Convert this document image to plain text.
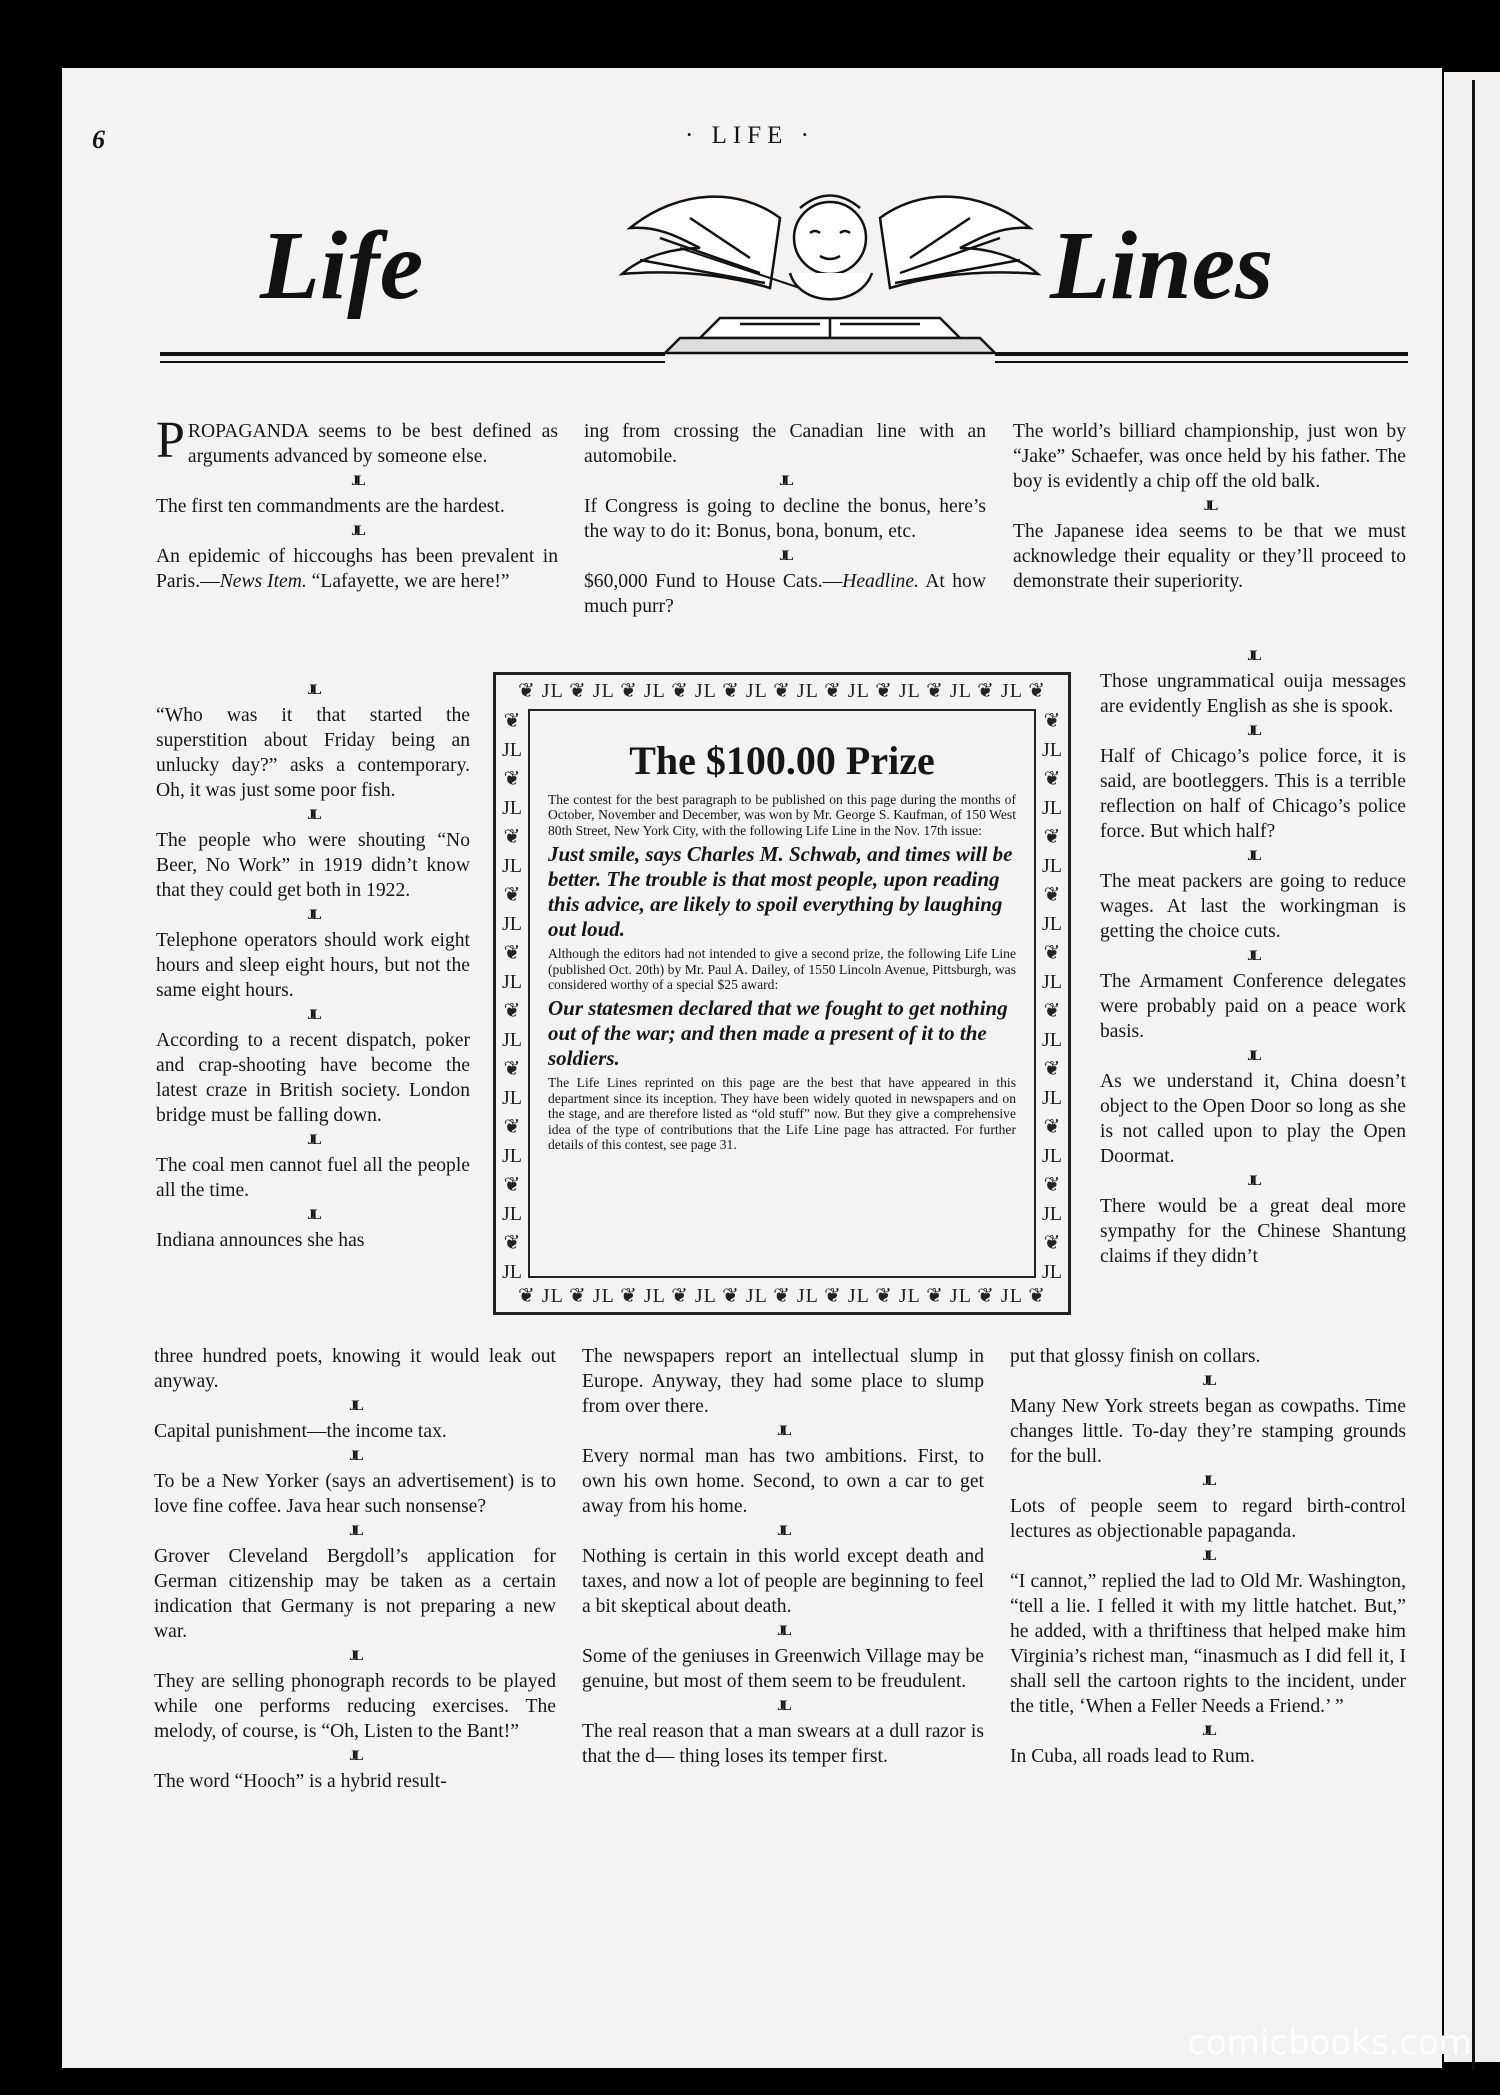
6	· LIFE ·
Life	Lines

PROPAGANDA seems to be best defined as arguments advanced by someone else.

JL

The first ten commandments are the hardest.

JL

An epidemic of hiccoughs has been prevalent in Paris.—News Item. “Lafayette, we are here!”

JL

“Who was it that started the superstition about Friday being an unlucky day?” asks a contemporary. Oh, it was just some poor fish.

JL

The people who were shouting “No Beer, No Work” in 1919 didn’t know that they could get both in 1922.

JL

Telephone operators should work eight hours and sleep eight hours, but not the same eight hours.

JL

According to a recent dispatch, poker and crap-shooting have become the latest craze in British society. London bridge must be falling down.

JL

The coal men cannot fuel all the people all the time.

JL

Indiana announces she has

three hundred poets, knowing it would leak out anyway.

JL

Capital punishment—the income tax.

JL

To be a New Yorker (says an advertisement) is to love fine coffee. Java hear such nonsense?

JL

Grover Cleveland Bergdoll’s application for German citizenship may be taken as a certain indication that Germany is not preparing a new war.

JL

They are selling phonograph records to be played while one performs reducing exercises. The melody, of course, is “Oh, Listen to the Bant!”

JL

The word “Hooch” is a hybrid result-

ing from crossing the Canadian line with an automobile.

JL

If Congress is going to decline the bonus, here’s the way to do it: Bonus, bona, bonum, etc.

JL

$60,000 Fund to House Cats.—Headline. At how much purr?

The newspapers report an intellectual slump in Europe. Anyway, they had some place to slump from over there.

JL

Every normal man has two ambitions. First, to own his own home. Second, to own a car to get away from his home.

JL

Nothing is certain in this world except death and taxes, and now a lot of people are beginning to feel a bit skeptical about death.

JL

Some of the geniuses in Greenwich Village may be genuine, but most of them seem to be freudulent.

JL

The real reason that a man swears at a dull razor is that the d— thing loses its temper first.

The world’s billiard championship, just won by “Jake” Schaefer, was once held by his father. The boy is evidently a chip off the old balk.

JL

The Japanese idea seems to be that we must acknowledge their equality or they’ll proceed to demonstrate their superiority.

JL

Those ungrammatical ouija messages are evidently English as she is spook.

JL

Half of Chicago’s police force, it is said, are bootleggers. This is a terrible reflection on half of Chicago’s police force. But which half?

JL

The meat packers are going to reduce wages. At last the workingman is getting the choice cuts.

JL

The Armament Conference delegates were probably paid on a peace work basis.

JL

As we understand it, China doesn’t object to the Open Door so long as she is not called upon to play the Open Doormat.

JL

There would be a great deal more sympathy for the Chinese Shantung claims if they didn’t

put that glossy finish on collars.

JL

Many New York streets began as cowpaths. Time changes little. To-day they’re stamping grounds for the bull.

JL

Lots of people seem to regard birth-control lectures as objectionable papaganda.

JL

“I cannot,” replied the lad to Old Mr. Washington, “tell a lie. I felled it with my little hatchet. But,” he added, with a thriftiness that helped make him Virginia’s richest man, “inasmuch as I did fell it, I shall sell the cartoon rights to the incident, under the title, ‘When a Feller Needs a Friend.’ ”

JL

In Cuba, all roads lead to Rum.

❦ JL ❦ JL ❦ JL ❦ JL ❦ JL ❦ JL ❦ JL ❦ JL ❦ JL ❦ JL ❦
❦ JL ❦ JL ❦ JL ❦ JL ❦ JL ❦ JL ❦ JL ❦ JL ❦ JL ❦ JL ❦
❦
JL
❦
JL
❦
JL
❦
JL
❦
JL
❦
JL
❦
JL
❦
JL
❦
JL
❦
JL
❦
JL
❦
JL
❦
JL
❦
JL
❦
JL
❦
JL
❦
JL
❦
JL
❦
JL
❦
JL
The $100.00 Prize

The contest for the best paragraph to be published on this page during the months of October, November and December, was won by Mr. George S. Kaufman, of 150 West 80th Street, New York City, with the following Life Line in the Nov. 17th issue:

Just smile, says Charles M. Schwab, and times will be better. The trouble is that most people, upon reading this advice, are likely to spoil everything by laughing out loud.

Although the editors had not intended to give a second prize, the following Life Line (published Oct. 20th) by Mr. Paul A. Dailey, of 1550 Lincoln Avenue, Pittsburgh, was considered worthy of a special $25 award:

Our statesmen declared that we fought to get nothing out of the war; and then made a present of it to the soldiers.

The Life Lines reprinted on this page are the best that have appeared in this department since its inception. They have been widely quoted in newspapers and on the stage, and are therefore listed as “old stuff” now. But they give a comprehensive idea of the type of contributions that the Life Line page has attracted. For further details of this contest, see page 31.

comicbooks.com
